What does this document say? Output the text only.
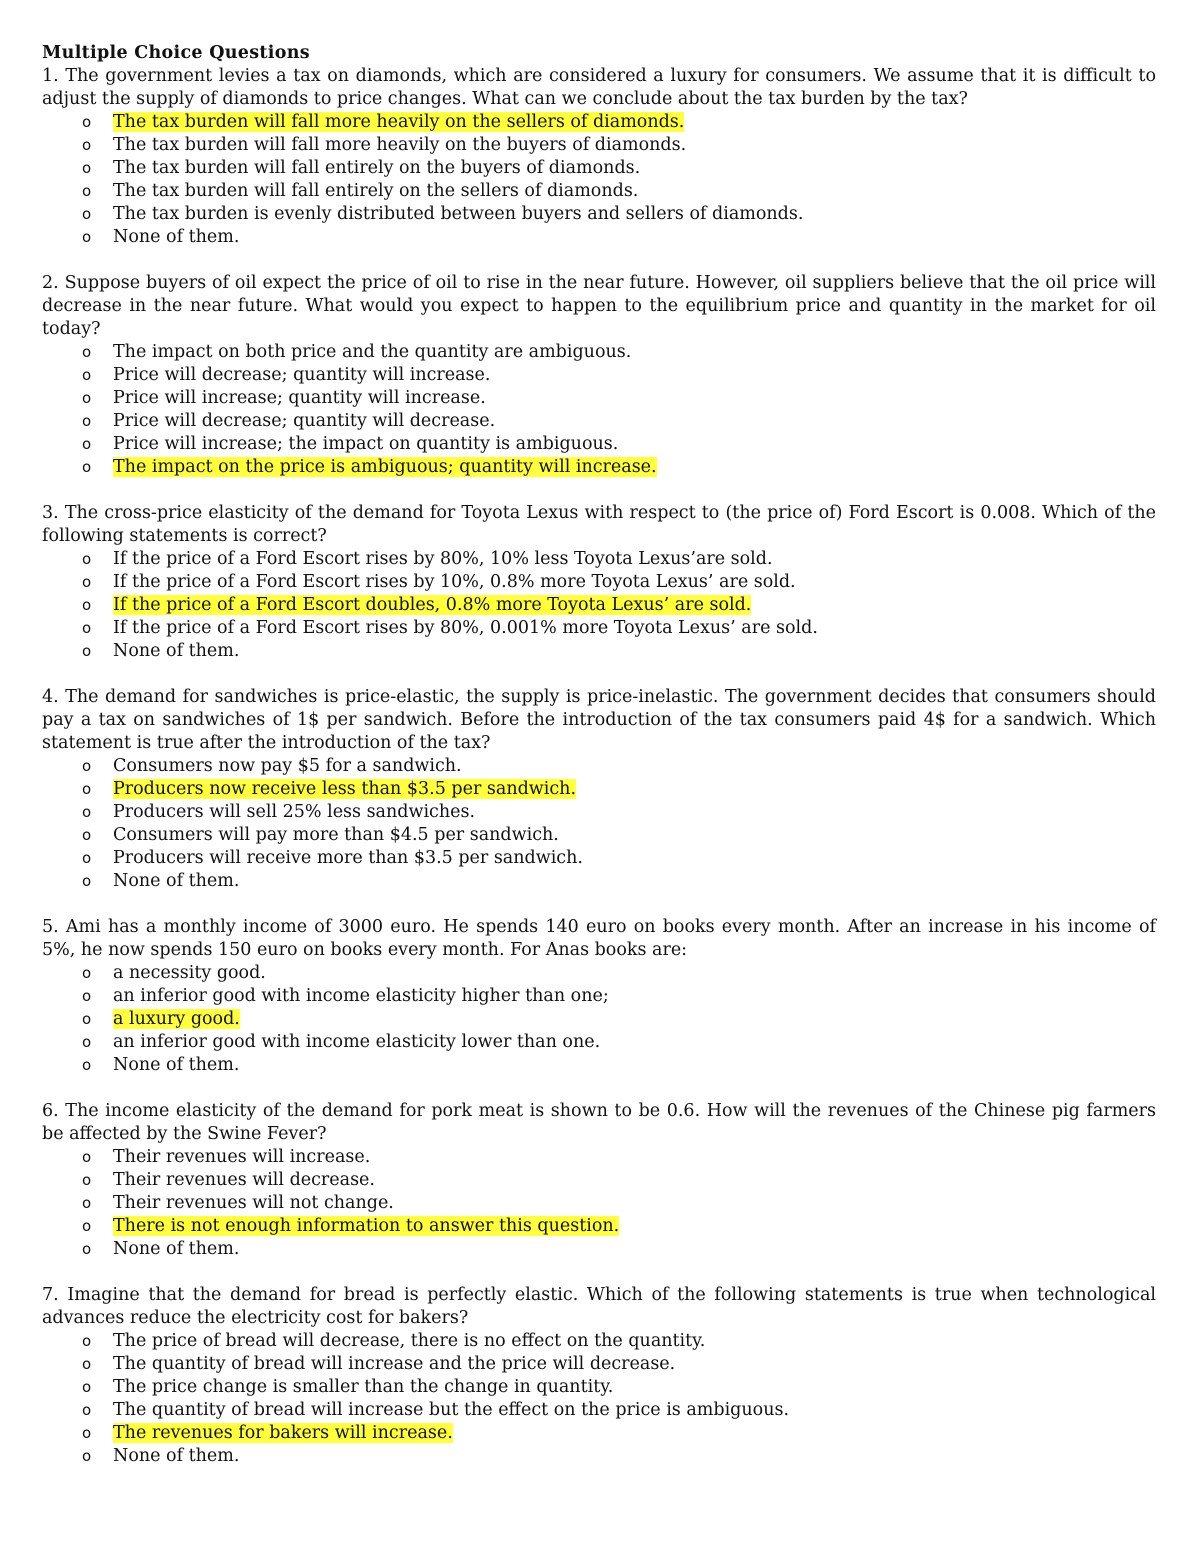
Multiple Choice Questions

1. The government levies a tax on diamonds, which are considered a luxury for consumers. We assume that it is difficult to adjust the supply of diamonds to price changes. What can we conclude about the tax burden by the tax?

o The tax burden will fall more heavily on the sellers of diamonds.
o The tax burden will fall more heavily on the buyers of diamonds.
o The tax burden will fall entirely on the buyers of diamonds.
o The tax burden will fall entirely on the sellers of diamonds.
o The tax burden is evenly distributed between buyers and sellers of diamonds.
o None of them.

2. Suppose buyers of oil expect the price of oil to rise in the near future. However, oil suppliers believe that the oil price will decrease in the near future. What would you expect to happen to the equilibrium price and quantity in the market for oil today?

o The impact on both price and the quantity are ambiguous.
o Price will decrease; quantity will increase.
o Price will increase; quantity will increase.
o Price will decrease; quantity will decrease.
o Price will increase; the impact on quantity is ambiguous.
o The impact on the price is ambiguous; quantity will increase.

3. The cross-price elasticity of the demand for Toyota Lexus with respect to (the price of) Ford Escort is 0.008. Which of the following statements is correct?

o If the price of a Ford Escort rises by 80%, 10% less Toyota Lexus’are sold.
o If the price of a Ford Escort rises by 10%, 0.8% more Toyota Lexus’ are sold.
o If the price of a Ford Escort doubles, 0.8% more Toyota Lexus’ are sold.
o If the price of a Ford Escort rises by 80%, 0.001% more Toyota Lexus’ are sold.
o None of them.

4. The demand for sandwiches is price-elastic, the supply is price-inelastic. The government decides that consumers should pay a tax on sandwiches of 1$ per sandwich. Before the introduction of the tax consumers paid 4$ for a sandwich. Which statement is true after the introduction of the tax?

o Consumers now pay $5 for a sandwich.
o Producers now receive less than $3.5 per sandwich.
o Producers will sell 25% less sandwiches.
o Consumers will pay more than $4.5 per sandwich.
o Producers will receive more than $3.5 per sandwich.
o None of them.

5. Ami has a monthly income of 3000 euro. He spends 140 euro on books every month. After an increase in his income of 5%, he now spends 150 euro on books every month. For Anas books are:

o a necessity good.
o an inferior good with income elasticity higher than one;
o a luxury good.
o an inferior good with income elasticity lower than one.
o None of them.

6. The income elasticity of the demand for pork meat is shown to be 0.6. How will the revenues of the Chinese pig farmers be affected by the Swine Fever?

o Their revenues will increase.
o Their revenues will decrease.
o Their revenues will not change.
o There is not enough information to answer this question.
o None of them.

7. Imagine that the demand for bread is perfectly elastic. Which of the following statements is true when technological advances reduce the electricity cost for bakers?

o The price of bread will decrease, there is no effect on the quantity.
o The quantity of bread will increase and the price will decrease.
o The price change is smaller than the change in quantity.
o The quantity of bread will increase but the effect on the price is ambiguous.
o The revenues for bakers will increase.
o None of them.
